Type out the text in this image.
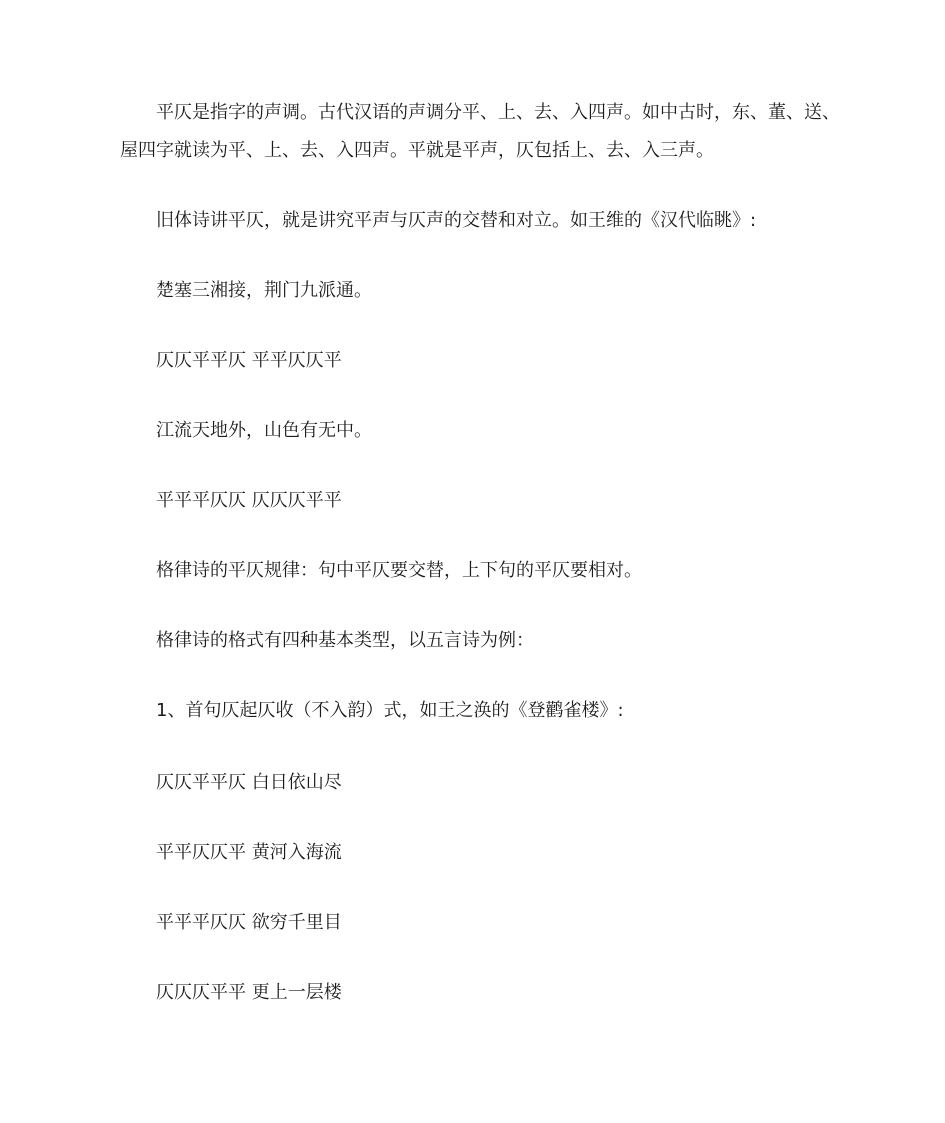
平仄是指字的声调。古代汉语的声调分平、上、去、入四声。如中古时，东、董、送、
屋四字就读为平、上、去、入四声。平就是平声，仄包括上、去、入三声。

旧体诗讲平仄，就是讲究平声与仄声的交替和对立。如王维的《汉代临眺》:

楚塞三湘接，荆门九派通。

仄仄平平仄 平平仄仄平

江流天地外，山色有无中。

平平平仄仄 仄仄仄平平

格律诗的平仄规律：句中平仄要交替，上下句的平仄要相对。

格律诗的格式有四种基本类型，以五言诗为例：

1、首句仄起仄收（不入韵）式，如王之涣的《登鹳雀楼》:

仄仄平平仄 白日依山尽

平平仄仄平 黄河入海流

平平平仄仄 欲穷千里目

仄仄仄平平 更上一层楼
